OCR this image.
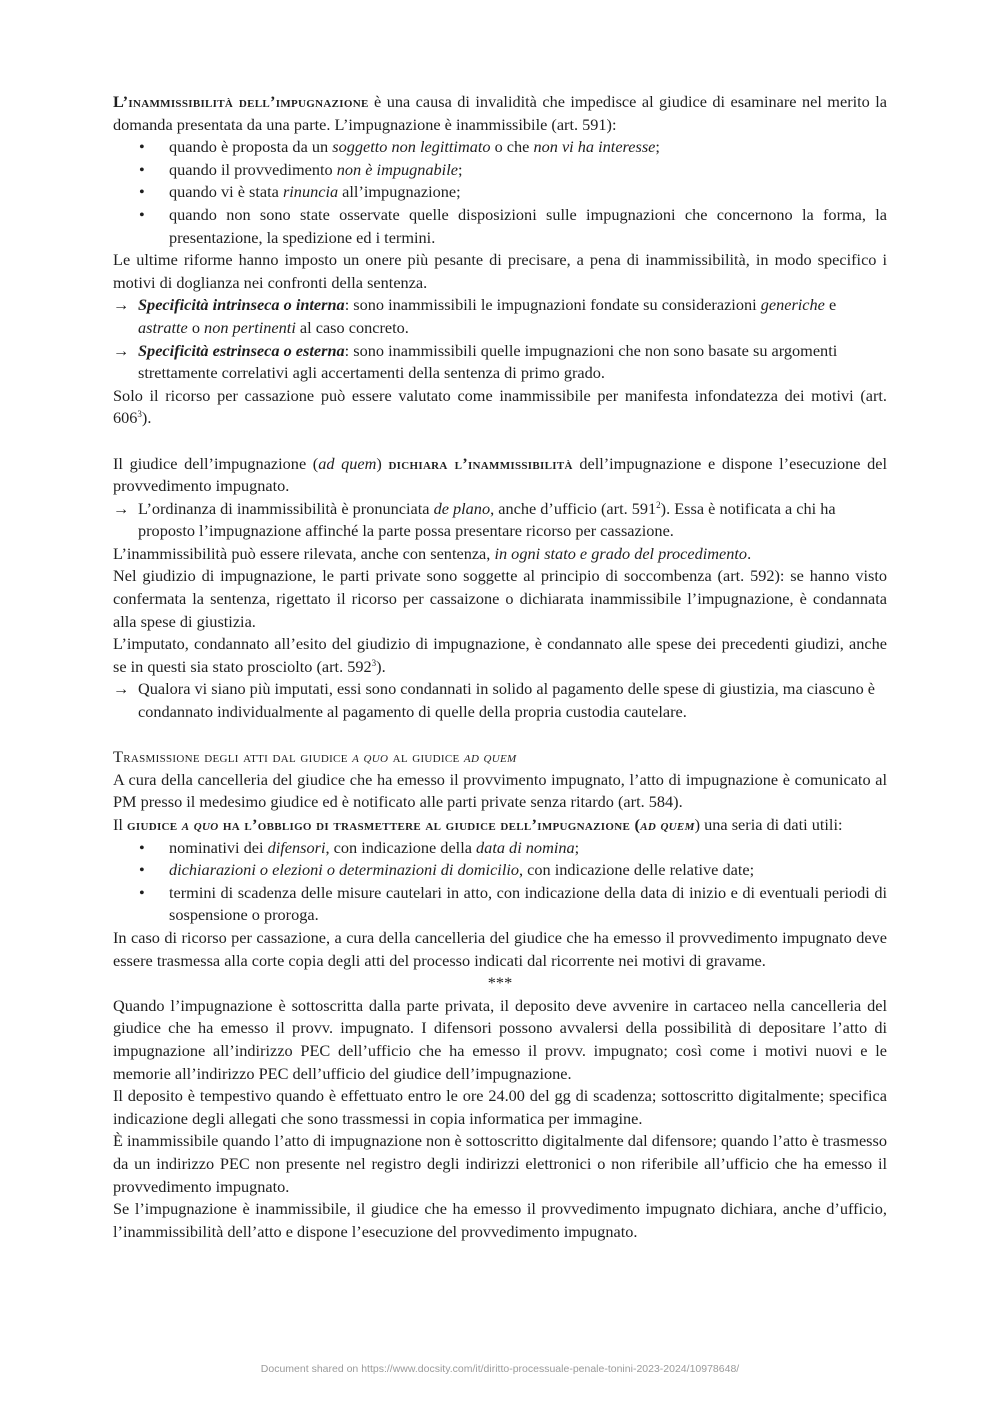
L’inammissibilità dell’impugnazione è una causa di invalidità che impedisce al giudice di esaminare nel merito la domanda presentata da una parte. L’impugnazione è inammissibile (art. 591):

• quando è proposta da un soggetto non legittimato o che non vi ha interesse;
• quando il provvedimento non è impugnabile;
• quando vi è stata rinuncia all’impugnazione;
• quando non sono state osservate quelle disposizioni sulle impugnazioni che concernono la forma, la presentazione, la spedizione ed i termini.

Le ultime riforme hanno imposto un onere più pesante di precisare, a pena di inammissibilità, in modo specifico i motivi di doglianza nei confronti della sentenza.

→ Specificità intrinseca o interna: sono inammissibili le impugnazioni fondate su considerazioni generiche e astratte o non pertinenti al caso concreto.

→ Specificità estrinseca o esterna: sono inammissibili quelle impugnazioni che non sono basate su argomenti strettamente correlativi agli accertamenti della sentenza di primo grado.

Solo il ricorso per cassazione può essere valutato come inammissibile per manifesta infondatezza dei motivi (art. $606^3$).

Il giudice dell’impugnazione (ad quem) dichiara l’inammissibilità dell’impugnazione e dispone l’esecuzione del provvedimento impugnato.

→ L’ordinanza di inammissibilità è pronunciata de plano, anche d’ufficio (art. $591^2$). Essa è notificata a chi ha proposto l’impugnazione affinché la parte possa presentare ricorso per cassazione.

L’inammissibilità può essere rilevata, anche con sentenza, in ogni stato e grado del procedimento.

Nel giudizio di impugnazione, le parti private sono soggette al principio di soccombenza (art. 592): se hanno visto confermata la sentenza, rigettato il ricorso per cassaizone o dichiarata inammissibile l’impugnazione, è condannata alla spese di giustizia.

L’imputato, condannato all’esito del giudizio di impugnazione, è condannato alle spese dei precedenti giudizi, anche se in questi sia stato prosciolto (art. $592^3$).

→ Qualora vi siano più imputati, essi sono condannati in solido al pagamento delle spese di giustizia, ma ciascuno è condannato individualmente al pagamento di quelle della propria custodia cautelare.

Trasmissione degli atti dal giudice a quo al giudice ad quem

A cura della cancelleria del giudice che ha emesso il provvimento impugnato, l’atto di impugnazione è comunicato al PM presso il medesimo giudice ed è notificato alle parti private senza ritardo (art. 584).

Il giudice a quo ha l’obbligo di trasmettere al giudice dell’impugnazione (ad quem) una seria di dati utili:

• nominativi dei difensori, con indicazione della data di nomina;
• dichiarazioni o elezioni o determinazioni di domicilio, con indicazione delle relative date;
• termini di scadenza delle misure cautelari in atto, con indicazione della data di inizio e di eventuali periodi di sospensione o proroga.

In caso di ricorso per cassazione, a cura della cancelleria del giudice che ha emesso il provvedimento impugnato deve essere trasmessa alla corte copia degli atti del processo indicati dal ricorrente nei motivi di gravame.

***

Quando l’impugnazione è sottoscritta dalla parte privata, il deposito deve avvenire in cartaceo nella cancelleria del giudice che ha emesso il provv. impugnato. I difensori possono avvalersi della possibilità di depositare l’atto di impugnazione all’indirizzo PEC dell’ufficio che ha emesso il provv. impugnato; così come i motivi nuovi e le memorie all’indirizzo PEC dell’ufficio del giudice dell’impugnazione.

Il deposito è tempestivo quando è effettuato entro le ore 24.00 del gg di scadenza; sottoscritto digitalmente; specifica indicazione degli allegati che sono trassmessi in copia informatica per immagine.

È inammissibile quando l’atto di impugnazione non è sottoscritto digitalmente dal difensore; quando l’atto è trasmesso da un indirizzo PEC non presente nel registro degli indirizzi elettronici o non riferibile all’ufficio che ha emesso il provvedimento impugnato.

Se l’impugnazione è inammissibile, il giudice che ha emesso il provvedimento impugnato dichiara, anche d’ufficio, l’inammissibilità dell’atto e dispone l’esecuzione del provvedimento impugnato.

Document shared on https://www.docsity.com/it/diritto-processuale-penale-tonini-2023-2024/10978648/
